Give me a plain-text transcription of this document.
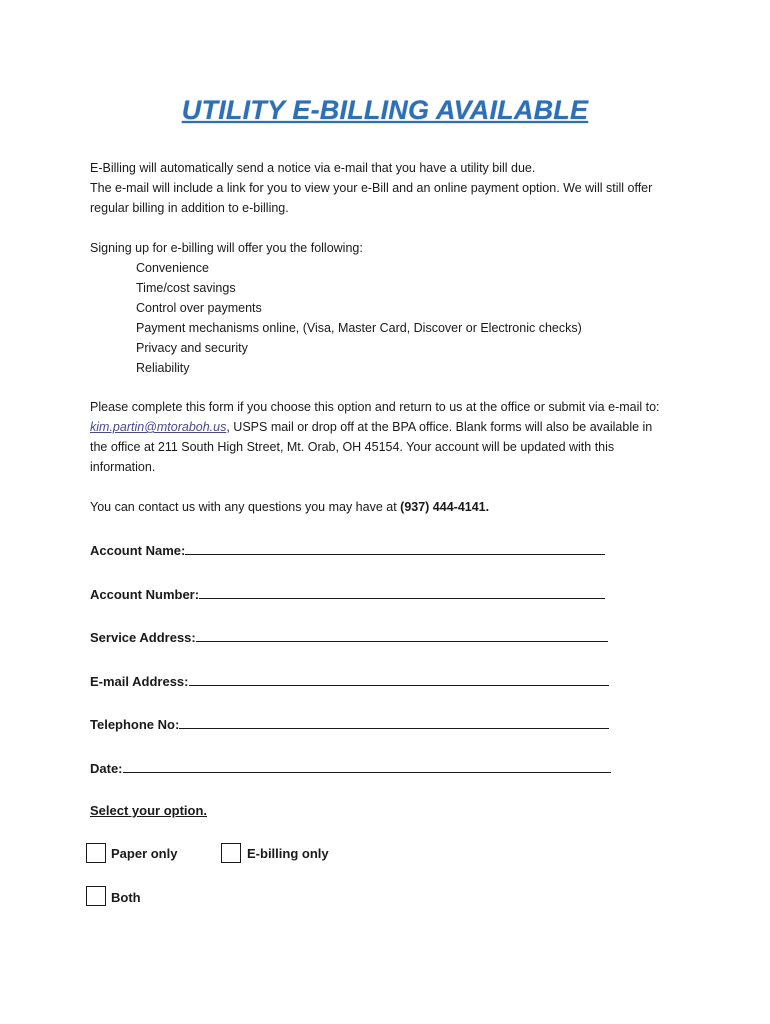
UTILITY E-BILLING AVAILABLE
E-Billing will automatically send a notice via e-mail that you have a utility bill due.
The e-mail will include a link for you to view your e-Bill and an online payment option. We will still offer
regular billing in addition to e-billing.
Signing up for e-billing will offer you the following:
Convenience
Time/cost savings
Control over payments
Payment mechanisms online, (Visa, Master Card, Discover or Electronic checks)
Privacy and security
Reliability
Please complete this form if you choose this option and return to us at the office or submit via e-mail to:
kim.partin@mtoraboh.us, USPS mail or drop off at the BPA office. Blank forms will also be available in
the office at 211 South High Street, Mt. Orab, OH 45154. Your account will be updated with this
information.
You can contact us with any questions you may have at (937) 444-4141.
Account Name:
Account Number:
Service Address:
E-mail Address:
Telephone No:
Date:
Select your option.
Paper only	E-billing only
Both
